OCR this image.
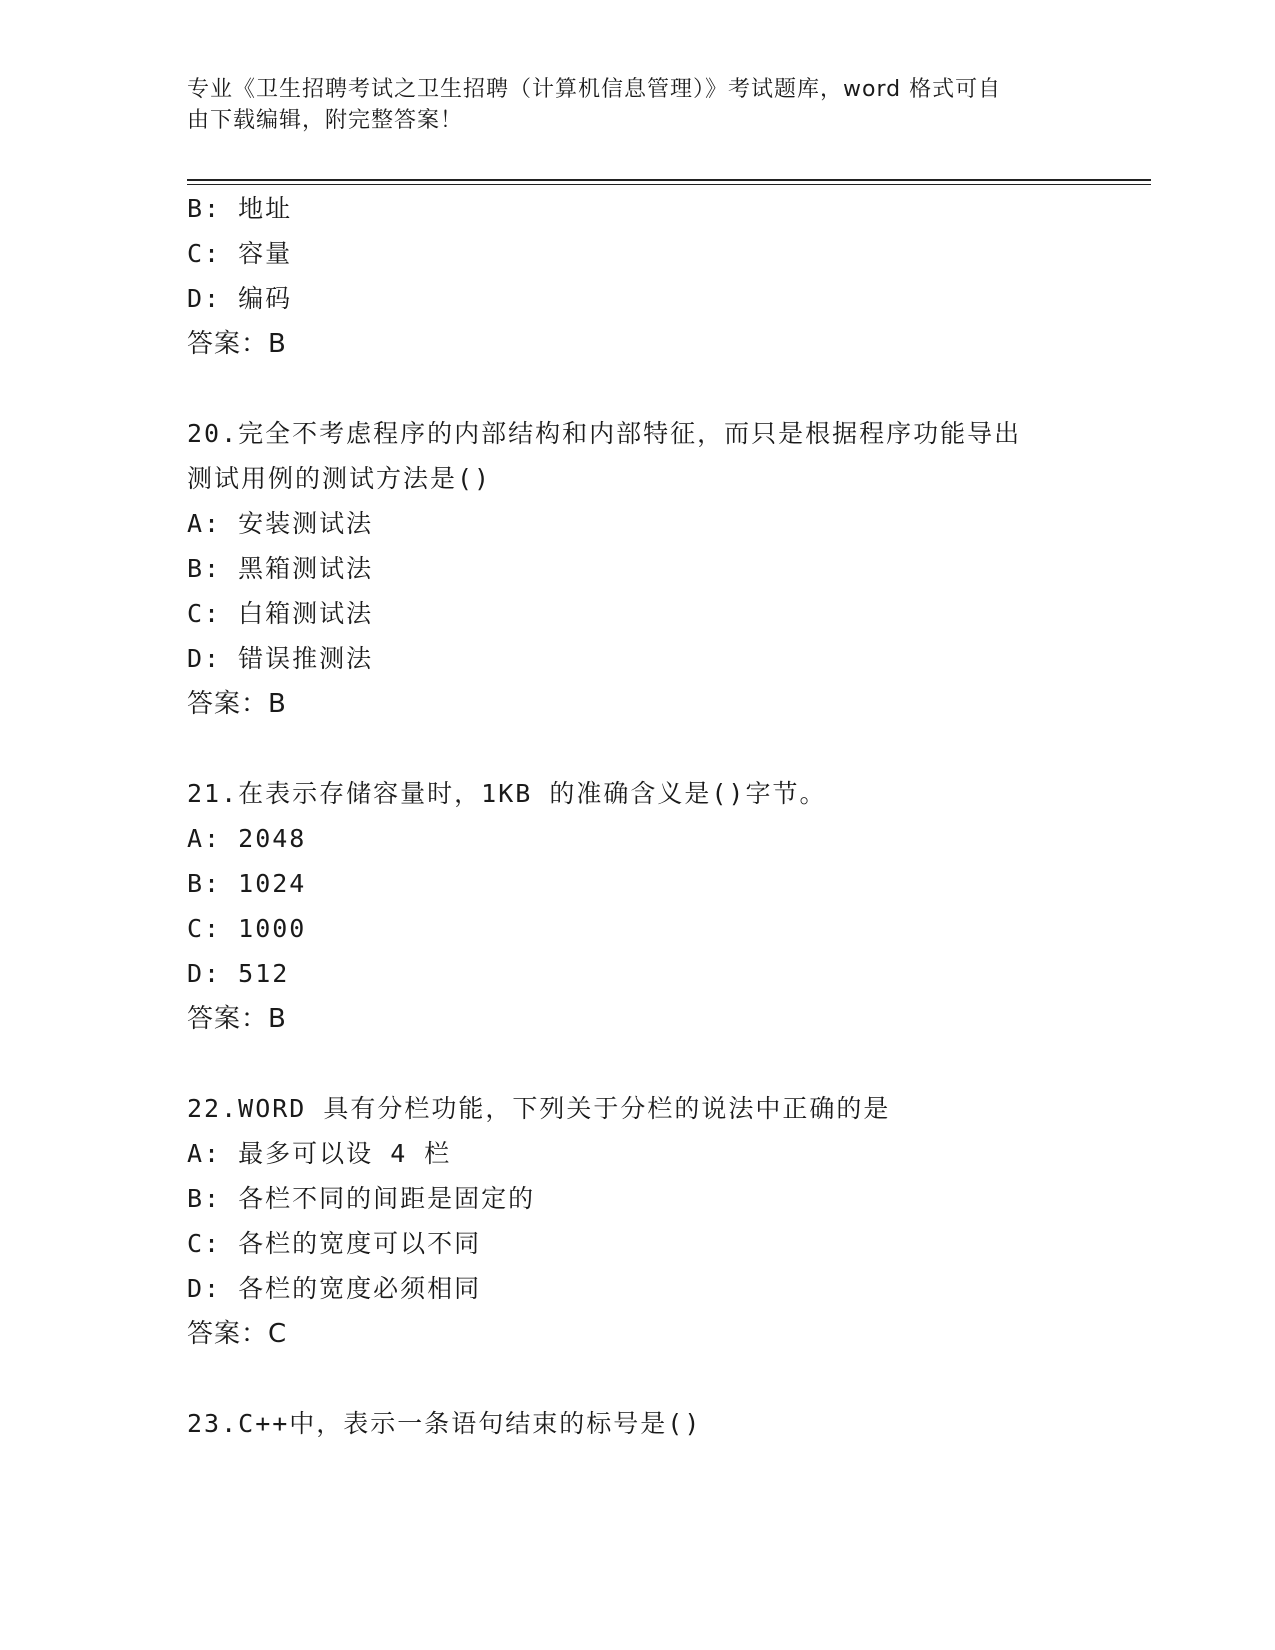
专业《卫生招聘考试之卫生招聘（计算机信息管理）》考试题库，word 格式可自
由下载编辑，附完整答案！
B: 地址
C: 容量
D: 编码
答案：B
20.完全不考虑程序的内部结构和内部特征，而只是根据程序功能导出
测试用例的测试方法是()
A: 安装测试法
B: 黑箱测试法
C: 白箱测试法
D: 错误推测法
答案：B
21.在表示存储容量时，1KB 的准确含义是()字节。
A: 2048
B: 1024
C: 1000
D: 512
答案：B
22.WORD 具有分栏功能，下列关于分栏的说法中正确的是
A: 最多可以设 4 栏
B: 各栏不同的间距是固定的
C: 各栏的宽度可以不同
D: 各栏的宽度必须相同
答案：C
23.C++中，表示一条语句结束的标号是()
